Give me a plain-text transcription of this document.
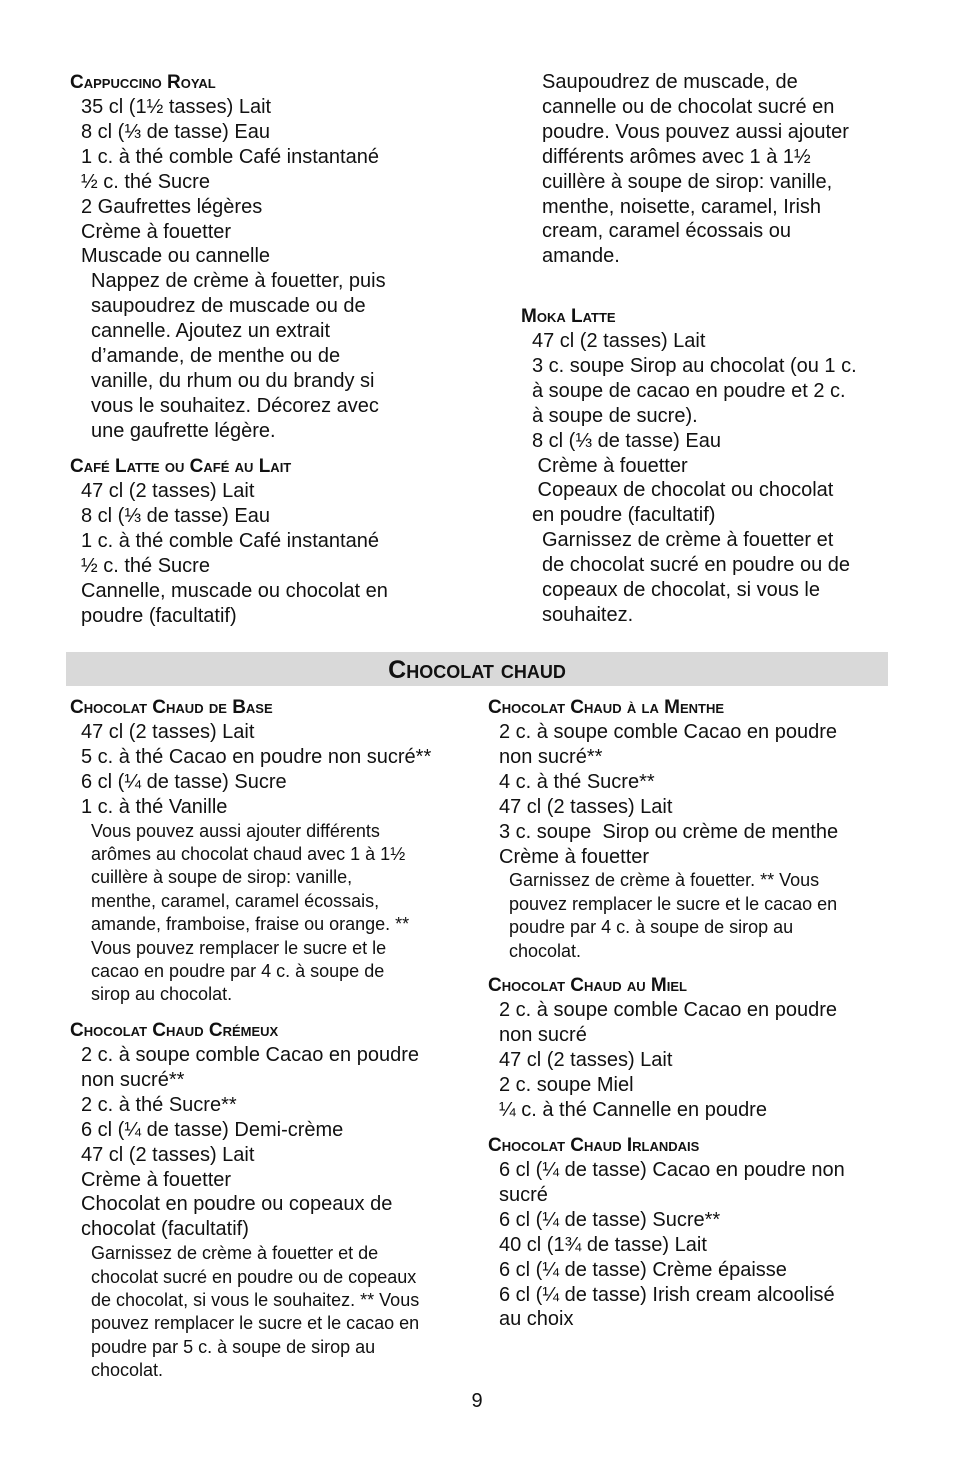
Cappuccino Royal
35 cl (1½ tasses) Lait
8 cl (⅓ de tasse) Eau
1 c. à thé comble Café instantané
½ c. thé Sucre
2 Gaufrettes légères
Crème à fouetter
Muscade ou cannelle
Nappez de crème à fouetter, puis
saupoudrez de muscade ou de
cannelle. Ajoutez un extrait
d’amande, de menthe ou de
vanille, du rhum ou du brandy si
vous le souhaitez. Décorez avec
une gaufrette légère.
Café Latte ou Café au Lait
47 cl (2 tasses) Lait
8 cl (⅓ de tasse) Eau
1 c. à thé comble Café instantané
½ c. thé Sucre
Cannelle, muscade ou chocolat en
poudre (facultatif)
Saupoudrez de muscade, de
cannelle ou de chocolat sucré en
poudre. Vous pouvez aussi ajouter
différents arômes avec 1 à 1½
cuillère à soupe de sirop: vanille,
menthe, noisette, caramel, Irish
cream, caramel écossais ou
amande.
Moka Latte
47 cl (2 tasses) Lait
3 c. soupe Sirop au chocolat (ou 1 c.
à soupe de cacao en poudre et 2 c.
à soupe de sucre).
8 cl (⅓ de tasse) Eau
Crème à fouetter
Copeaux de chocolat ou chocolat
en poudre (facultatif)
Garnissez de crème à fouetter et
de chocolat sucré en poudre ou de
copeaux de chocolat, si vous le
souhaitez.
Chocolat chaud
Chocolat Chaud de Base
47 cl (2 tasses) Lait
5 c. à thé Cacao en poudre non sucré**
6 cl (¼ de tasse) Sucre
1 c. à thé Vanille
Vous pouvez aussi ajouter différents
arômes au chocolat chaud avec 1 à 1½
cuillère à soupe de sirop: vanille,
menthe, caramel, caramel écossais,
amande, framboise, fraise ou orange. **
Vous pouvez remplacer le sucre et le
cacao en poudre par 4 c. à soupe de
sirop au chocolat.
Chocolat Chaud Crémeux
2 c. à soupe comble Cacao en poudre
non sucré**
2 c. à thé Sucre**
6 cl (¼ de tasse) Demi-crème
47 cl (2 tasses) Lait
Crème à fouetter
Chocolat en poudre ou copeaux de
chocolat (facultatif)
Garnissez de crème à fouetter et de
chocolat sucré en poudre ou de copeaux
de chocolat, si vous le souhaitez. ** Vous
pouvez remplacer le sucre et le cacao en
poudre par 5 c. à soupe de sirop au
chocolat.
Chocolat Chaud à la Menthe
2 c. à soupe comble Cacao en poudre
non sucré**
4 c. à thé Sucre**
47 cl (2 tasses) Lait
3 c. soupe  Sirop ou crème de menthe
Crème à fouetter
Garnissez de crème à fouetter. ** Vous
pouvez remplacer le sucre et le cacao en
poudre par 4 c. à soupe de sirop au
chocolat.
Chocolat Chaud au Miel
2 c. à soupe comble Cacao en poudre
non sucré
47 cl (2 tasses) Lait
2 c. soupe Miel
¼ c. à thé Cannelle en poudre
Chocolat Chaud Irlandais
6 cl (¼ de tasse) Cacao en poudre non
sucré
6 cl (¼ de tasse) Sucre**
40 cl (1¾ de tasse) Lait
6 cl (¼ de tasse) Crème épaisse
6 cl (¼ de tasse) Irish cream alcoolisé
au choix
9
